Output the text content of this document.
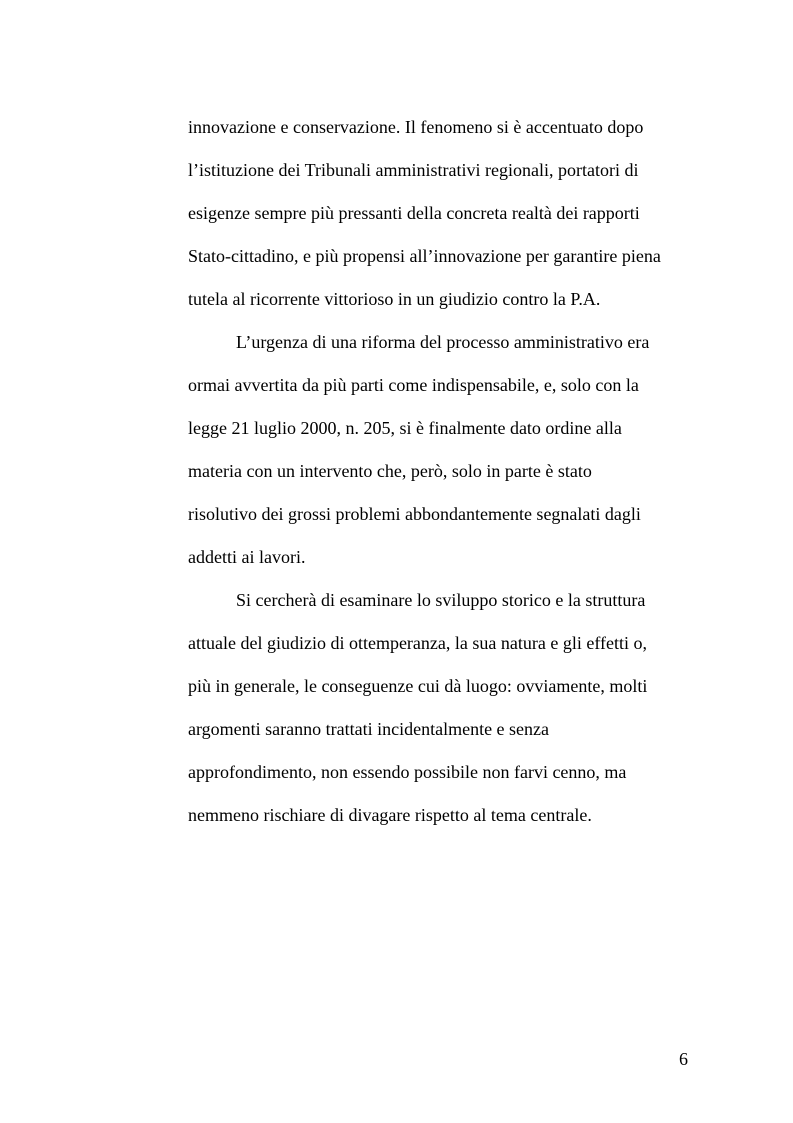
innovazione e conservazione. Il fenomeno si è accentuato dopo
l’istituzione dei Tribunali amministrativi regionali, portatori di
esigenze sempre più pressanti della concreta realtà dei rapporti
Stato-cittadino, e più propensi all’innovazione per garantire piena
tutela al ricorrente vittorioso in un giudizio contro la P.A.
L’urgenza di una riforma del processo amministrativo era
ormai avvertita da più parti come indispensabile, e, solo con la
legge 21 luglio 2000, n. 205, si è finalmente dato ordine alla
materia con un intervento che, però, solo in parte è stato
risolutivo dei grossi problemi abbondantemente segnalati dagli
addetti ai lavori.
Si cercherà di esaminare lo sviluppo storico e la struttura
attuale del giudizio di ottemperanza, la sua natura e gli effetti o,
più in generale, le conseguenze cui dà luogo: ovviamente, molti
argomenti saranno trattati incidentalmente e senza
approfondimento, non essendo possibile non farvi cenno, ma
nemmeno rischiare di divagare rispetto al tema centrale.
6
